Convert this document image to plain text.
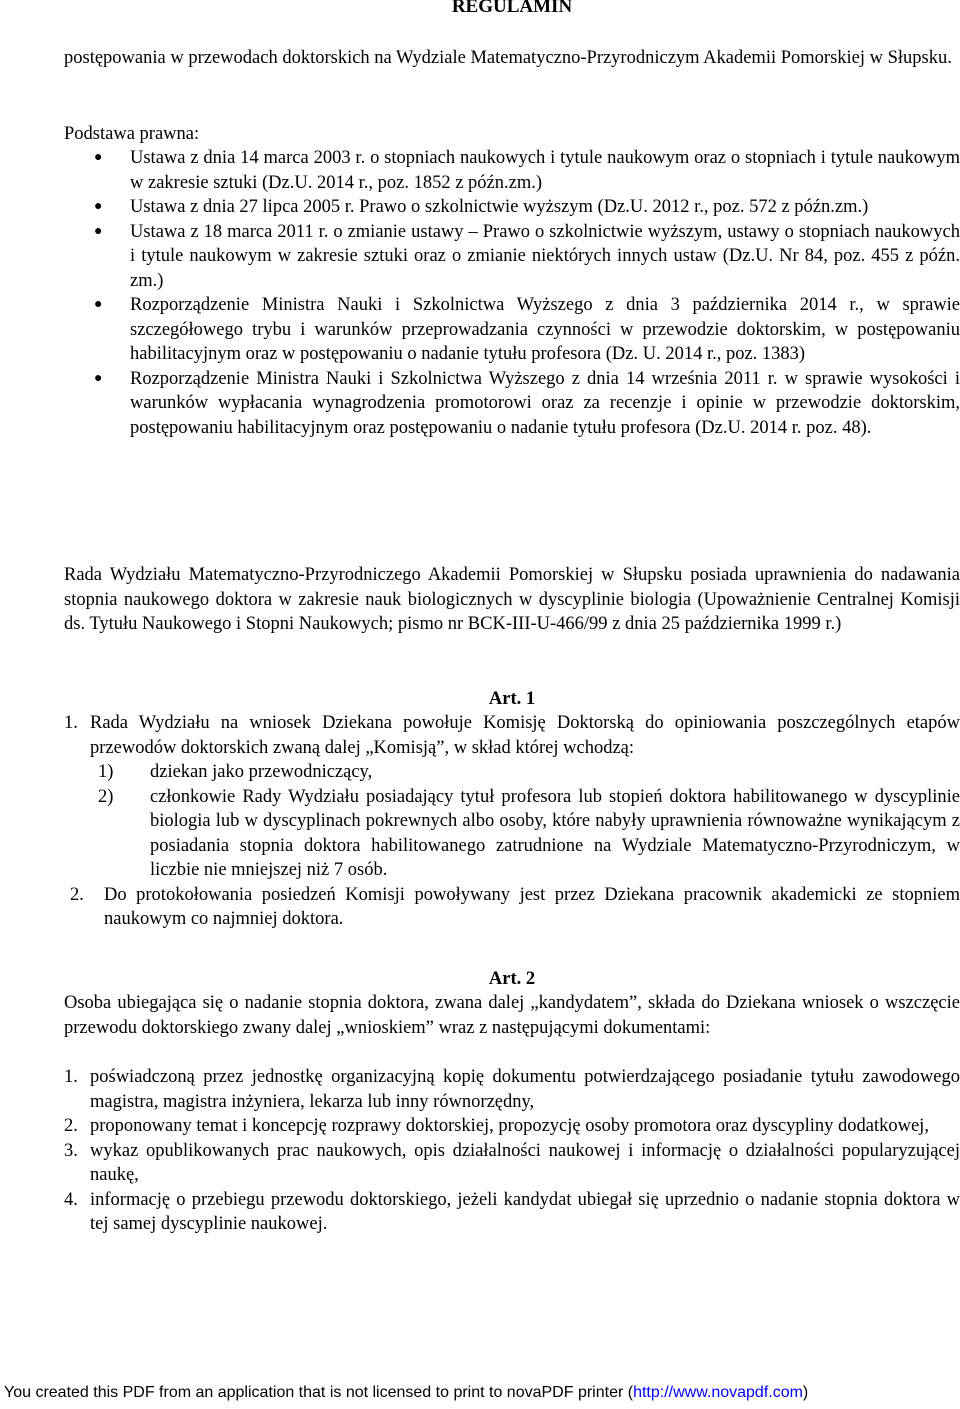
REGULAMIN

postępowania w przewodach doktorskich na Wydziale Matematyczno-Przyrodniczym Akademii Pomorskiej w Słupsku.

Podstawa prawna:
● Ustawa z dnia 14 marca 2003 r. o stopniach naukowych i tytule naukowym oraz o stopniach i tytule naukowym w zakresie sztuki (Dz.U. 2014 r., poz. 1852 z późn.zm.)
● Ustawa z dnia 27 lipca 2005 r. Prawo o szkolnictwie wyższym (Dz.U. 2012 r., poz. 572 z późn.zm.)
● Ustawa z 18 marca 2011 r. o zmianie ustawy – Prawo o szkolnictwie wyższym, ustawy o stopniach naukowych i tytule naukowym w zakresie sztuki oraz o zmianie niektórych innych ustaw (Dz.U. Nr 84, poz. 455 z późn. zm.)
● Rozporządzenie Ministra Nauki i Szkolnictwa Wyższego z dnia 3 października 2014 r., w sprawie szczegółowego trybu i warunków przeprowadzania czynności w przewodzie doktorskim, w postępowaniu habilitacyjnym oraz w postępowaniu o nadanie tytułu profesora (Dz. U. 2014 r., poz. 1383)
● Rozporządzenie Ministra Nauki i Szkolnictwa Wyższego z dnia 14 września 2011 r. w sprawie wysokości i warunków wypłacania wynagrodzenia promotorowi oraz za recenzje i opinie w przewodzie doktorskim, postępowaniu habilitacyjnym oraz postępowaniu o nadanie tytułu profesora (Dz.U. 2014 r. poz. 48).

Rada Wydziału Matematyczno-Przyrodniczego Akademii Pomorskiej w Słupsku posiada uprawnienia do nadawania stopnia naukowego doktora w zakresie nauk biologicznych w dyscyplinie biologia (Upoważnienie Centralnej Komisji ds. Tytułu Naukowego i Stopni Naukowych; pismo nr BCK-III-U-466/99 z dnia 25 października 1999 r.)

Art. 1
1. Rada Wydziału na wniosek Dziekana powołuje Komisję Doktorską do opiniowania poszczególnych etapów przewodów doktorskich zwaną dalej „Komisją”, w skład której wchodzą:
1) dziekan jako przewodniczący,
2) członkowie Rady Wydziału posiadający tytuł profesora lub stopień doktora habilitowanego w dyscyplinie biologia lub w dyscyplinach pokrewnych albo osoby, które nabyły uprawnienia równoważne wynikającym z posiadania stopnia doktora habilitowanego zatrudnione na Wydziale Matematyczno-Przyrodniczym, w liczbie nie mniejszej niż 7 osób.
2. Do protokołowania posiedzeń Komisji powoływany jest przez Dziekana pracownik akademicki ze stopniem naukowym co najmniej doktora.
Art. 2

Osoba ubiegająca się o nadanie stopnia doktora, zwana dalej „kandydatem”, składa do Dziekana wniosek o wszczęcie przewodu doktorskiego zwany dalej „wnioskiem” wraz z następującymi dokumentami:

1. poświadczoną przez jednostkę organizacyjną kopię dokumentu potwierdzającego posiadanie tytułu zawodowego magistra, magistra inżyniera, lekarza lub inny równorzędny,
2. proponowany temat i koncepcję rozprawy doktorskiej, propozycję osoby promotora oraz dyscypliny dodatkowej,
3. wykaz opublikowanych prac naukowych, opis działalności naukowej i informację o działalności popularyzującej naukę,
4. informację o przebiegu przewodu doktorskiego, jeżeli kandydat ubiegał się uprzednio o nadanie stopnia doktora w tej samej dyscyplinie naukowej.
You created this PDF from an application that is not licensed to print to novaPDF printer (http://www.novapdf.com)
